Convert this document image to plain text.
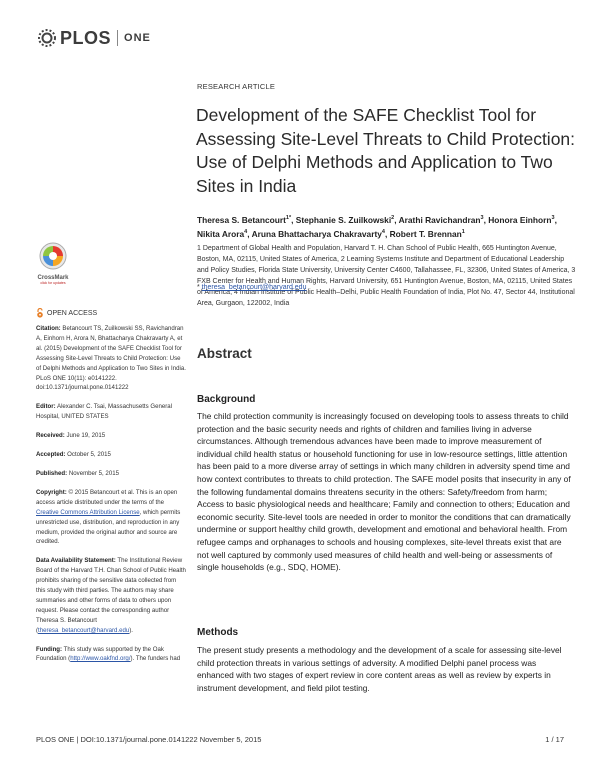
PLOS ONE
RESEARCH ARTICLE
Development of the SAFE Checklist Tool for Assessing Site-Level Threats to Child Protection: Use of Delphi Methods and Application to Two Sites in India
Theresa S. Betancourt$^{1*}$, Stephanie S. Zuilkowski$^2$, Arathi Ravichandran$^3$, Honora Einhorn$^3$, Nikita Arora$^4$, Aruna Bhattacharya Chakravarty$^4$, Robert T. Brennan$^1$
1 Department of Global Health and Population, Harvard T. H. Chan School of Public Health, 665 Huntington Avenue, Boston, MA, 02115, United States of America, 2 Learning Systems Institute and Department of Educational Leadership and Policy Studies, Florida State University, University Center C4600, Tallahassee, FL, 32306, United States of America, 3 FXB Center for Health and Human Rights, Harvard University, 651 Huntington Avenue, Boston, MA, 02115, United States of America, 4 Indian Institute of Public Health–Delhi, Public Health Foundation of India, Plot No. 47, Sector 44, Institutional Area, Gurgaon, 122002, India
* theresa_betancourt@harvard.edu
CrossMark
click for updates
OPEN ACCESS

Citation: Betancourt TS, Zuilkowski SS, Ravichandran A, Einhorn H, Arora N, Bhattacharya Chakravarty A, et al. (2015) Development of the SAFE Checklist Tool for Assessing Site-Level Threats to Child Protection: Use of Delphi Methods and Application to Two Sites in India. PLoS ONE 10(11): e0141222. doi:10.1371/journal.pone.0141222

Editor: Alexander C. Tsai, Massachusetts General Hospital, UNITED STATES

Received: June 19, 2015

Accepted: October 5, 2015

Published: November 5, 2015

Copyright: © 2015 Betancourt et al. This is an open access article distributed under the terms of the Creative Commons Attribution License, which permits unrestricted use, distribution, and reproduction in any medium, provided the original author and source are credited.

Data Availability Statement: The Institutional Review Board of the Harvard T.H. Chan School of Public Health prohibits sharing of the sensitive data collected from this study with third parties. The authors may share summaries and other forms of data to others upon request. Please contact the corresponding author Theresa S. Betancourt (theresa_betancourt@harvard.edu).

Funding: This study was supported by the Oak Foundation (http://www.oakfnd.org/). The funders had

Abstract
Background

The child protection community is increasingly focused on developing tools to assess threats to child protection and the basic security needs and rights of children and families living in adverse circumstances. Although tremendous advances have been made to improve measurement of individual child health status or household functioning for use in low-resource settings, little attention has been paid to a more diverse array of settings in which many children in adversity spend time and how context contributes to threats to child protection. The SAFE model posits that insecurity in any of the following fundamental domains threatens security in the others: Safety/freedom from harm; Access to basic physiological needs and healthcare; Family and connection to others; Education and economic security. Site-level tools are needed in order to monitor the conditions that can dramatically undermine or support healthy child growth, development and emotional and behavioral health. From refugee camps and orphanages to schools and housing complexes, site-level threats exist that are not well captured by commonly used measures of child health and well-being or assessments of single households (e.g., SDQ, HOME).

Methods

The present study presents a methodology and the development of a scale for assessing site-level child protection threats in various settings of adversity. A modified Delphi panel process was enhanced with two stages of expert review in core content areas as well as review by experts in instrument development, and field pilot testing.

PLOS ONE | DOI:10.1371/journal.pone.0141222 November 5, 2015	1 / 17
